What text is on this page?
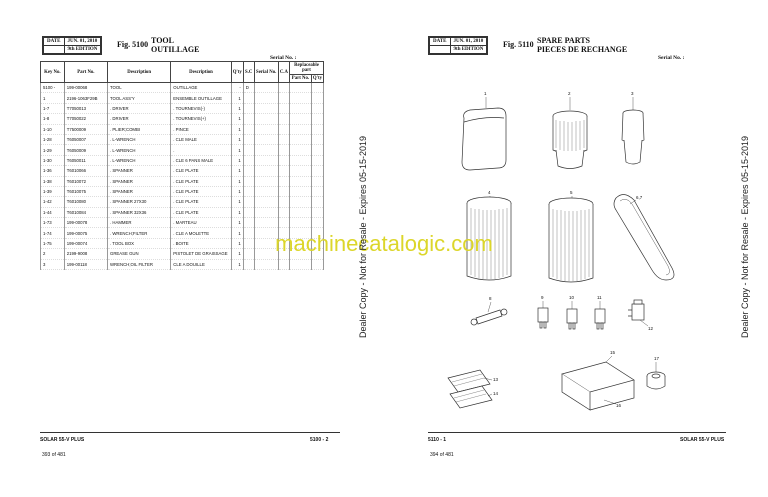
DATE	JUN. 01, 2010
	9th EDITION
Fig. 5100 TOOL
OUTILLAGE
Serial No. :
Key No.	Part No.	Description	Description	Q'ty	S.C	Serial No.	C.A	Replaceable part	
								Part No.	Q'ty
5100 -	199-00068	TOOL	OUTILLAGE	-	D				
1	2196-1063F29B	TOOL ASS'Y	ENSEMBLE OUTILLAGE	1					
1-7	T7050013	. DRIVER	. TOURNEVIS(-)	1					
1-8	T7050022	. DRIVER	. TOURNEVIS(+)	1					
1-10	T7500009	. PLIER;COMBI	. PINCE	1					
1-28	T6050007	. L-WRENCH	. CLE MALE	1					
1-29	T6050009	. L-WRENCH	.	1					
1-30	T6050011	. L-WRENCH	. CLE 6 PANS MALE	1					
1-36	T6010066	. SPANNER	. CLE PLATE	1					
1-38	T6010072	. SPANNER	. CLE PLATE	1					
1-39	T6010075	. SPANNER	. CLE PLATE	1					
1-42	T6010080	. SPANNER 27X30	. CLE PLATE	1					
1-44	T6010084	. SPANNER 32X36	. CLE PLATE	1					
1-73	199-00078	. HAMMER	. MARTEAU	1					
1-74	199-00075	. WRENCH;FILTER	. CLE A MOLETTE	1					
1-75	199-00074	. TOOL BOX	. BOITE	1					
2	2199-9008	GREASE GUN	PISTOLET DE GRAISSAGE	1					
3	199-00118	WRENCH;OIL FILTER	CLE A DOUILLE	1					
SOLAR 55-V PLUS	5100 - 2
393 of 481
DATE	JUN. 01, 2010
	9th EDITION
Fig. 5110 SPARE PARTS
PIECES DE RECHANGE
Serial No. :
1	2	3
4	5
6,7
8	9	10	11
12
13
14
15
16
17
5110 - 1	SOLAR 55-V PLUS
394 of 481
machinecatalogic.com
Dealer Copy - Not for Resale - Expires 05-15-2019	Dealer Copy - Not for Resale - Expires 05-15-2019
